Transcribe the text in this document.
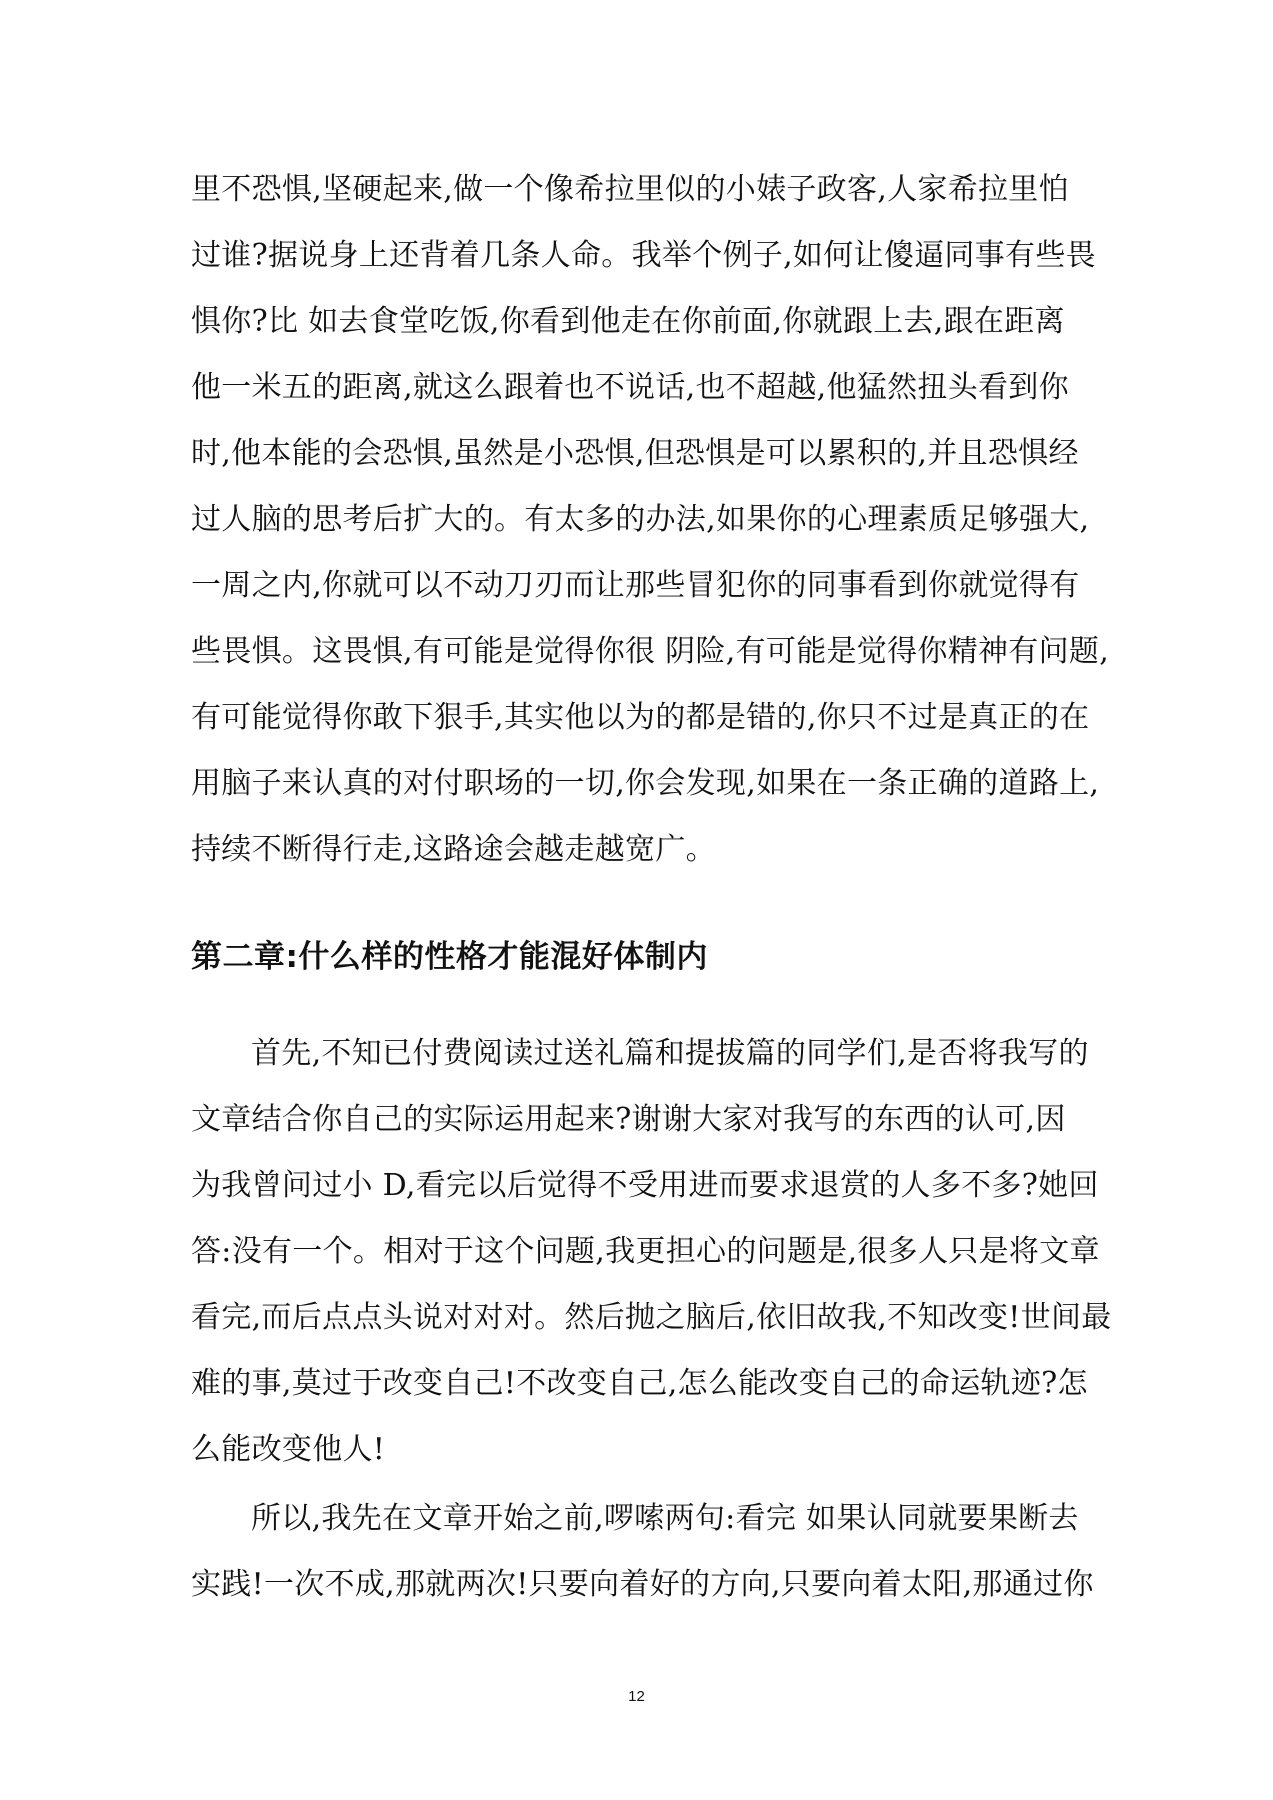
里不恐惧,坚硬起来,做一个像希拉里似的小婊子政客,人家希拉里怕
过谁?据说身上还背着几条人命。我举个例子,如何让傻逼同事有些畏
惧你?比 如去食堂吃饭,你看到他走在你前面,你就跟上去,跟在距离
他一米五的距离,就这么跟着也不说话,也不超越,他猛然扭头看到你
时,他本能的会恐惧,虽然是小恐惧,但恐惧是可以累积的,并且恐惧经
过人脑的思考后扩大的。有太多的办法,如果你的心理素质足够强大,
一周之内,你就可以不动刀刃而让那些冒犯你的同事看到你就觉得有
些畏惧。这畏惧,有可能是觉得你很 阴险,有可能是觉得你精神有问题,
有可能觉得你敢下狠手,其实他以为的都是错的,你只不过是真正的在
用脑子来认真的对付职场的一切,你会发现,如果在一条正确的道路上,
持续不断得行走,这路途会越走越宽广。
第二章:什么样的性格才能混好体制内
首先,不知已付费阅读过送礼篇和提拔篇的同学们,是否将我写的
文章结合你自己的实际运用起来?谢谢大家对我写的东西的认可,因
为我曾问过小 D,看完以后觉得不受用进而要求退赏的人多不多?她回
答:没有一个。相对于这个问题,我更担心的问题是,很多人只是将文章
看完,而后点点头说对对对。然后抛之脑后,依旧故我,不知改变!世间最
难的事,莫过于改变自己!不改变自己,怎么能改变自己的命运轨迹?怎
么能改变他人!
所以,我先在文章开始之前,啰嗦两句:看完 如果认同就要果断去
实践!一次不成,那就两次!只要向着好的方向,只要向着太阳,那通过你
12
